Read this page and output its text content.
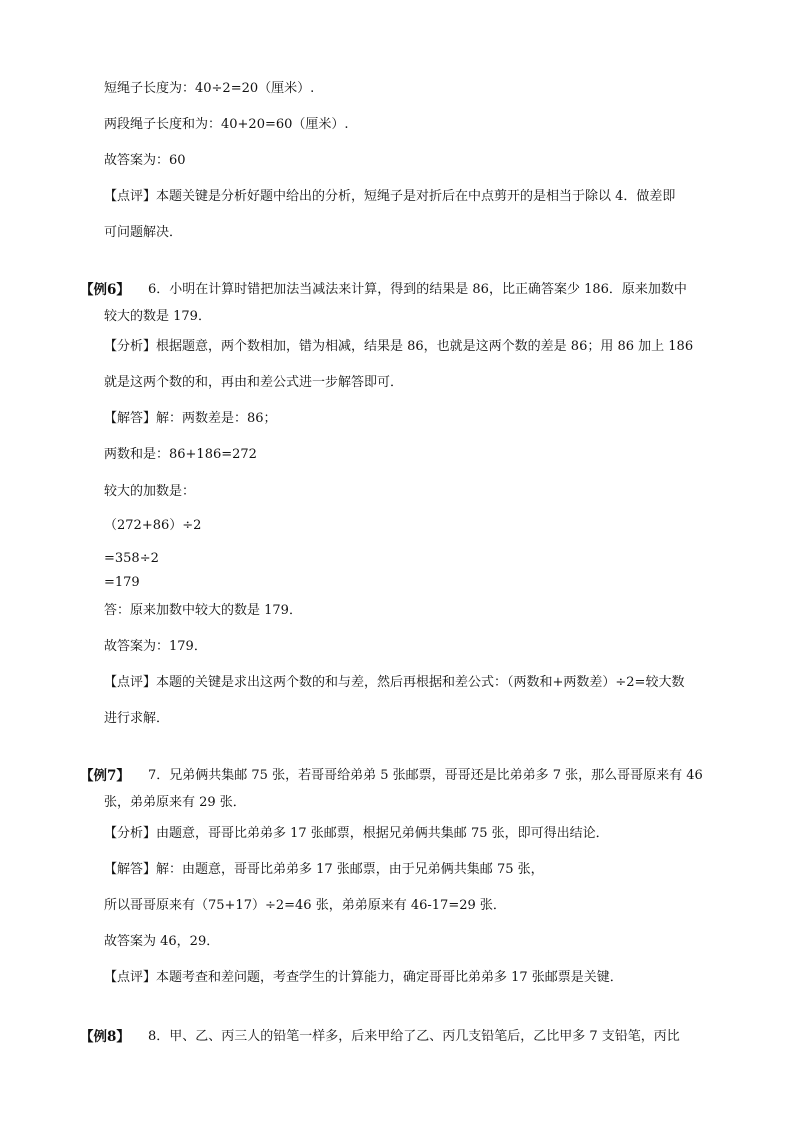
短绳子长度为：40÷2=20（厘米）.
两段绳子长度和为：40+20=60（厘米）.
故答案为：60
【点评】本题关键是分析好题中给出的分析，短绳子是对折后在中点剪开的是相当于除以 4．做差即
可问题解决．
【例6】 6．小明在计算时错把加法当减法来计算，得到的结果是 86，比正确答案少 186．原来加数中
较大的数是 179．
【分析】根据题意，两个数相加，错为相减，结果是 86，也就是这两个数的差是 86；用 86 加上 186
就是这两个数的和，再由和差公式进一步解答即可．
【解答】解：两数差是：86；
两数和是：86+186=272
较大的加数是：
（272+86）÷2
=358÷2
=179
答：原来加数中较大的数是 179．
故答案为：179．
【点评】本题的关键是求出这两个数的和与差，然后再根据和差公式：（两数和+两数差）÷2=较大数
进行求解．
【例7】 7．兄弟俩共集邮 75 张，若哥哥给弟弟 5 张邮票，哥哥还是比弟弟多 7 张，那么哥哥原来有 46
张，弟弟原来有 29 张．
【分析】由题意，哥哥比弟弟多 17 张邮票，根据兄弟俩共集邮 75 张，即可得出结论．
【解答】解：由题意，哥哥比弟弟多 17 张邮票，由于兄弟俩共集邮 75 张，
所以哥哥原来有（75+17）÷2=46 张，弟弟原来有 46-17=29 张．
故答案为 46，29．
【点评】本题考查和差问题，考查学生的计算能力，确定哥哥比弟弟多 17 张邮票是关键．
【例8】 8．甲、乙、丙三人的铅笔一样多，后来甲给了乙、丙几支铅笔后，乙比甲多 7 支铅笔，丙比
